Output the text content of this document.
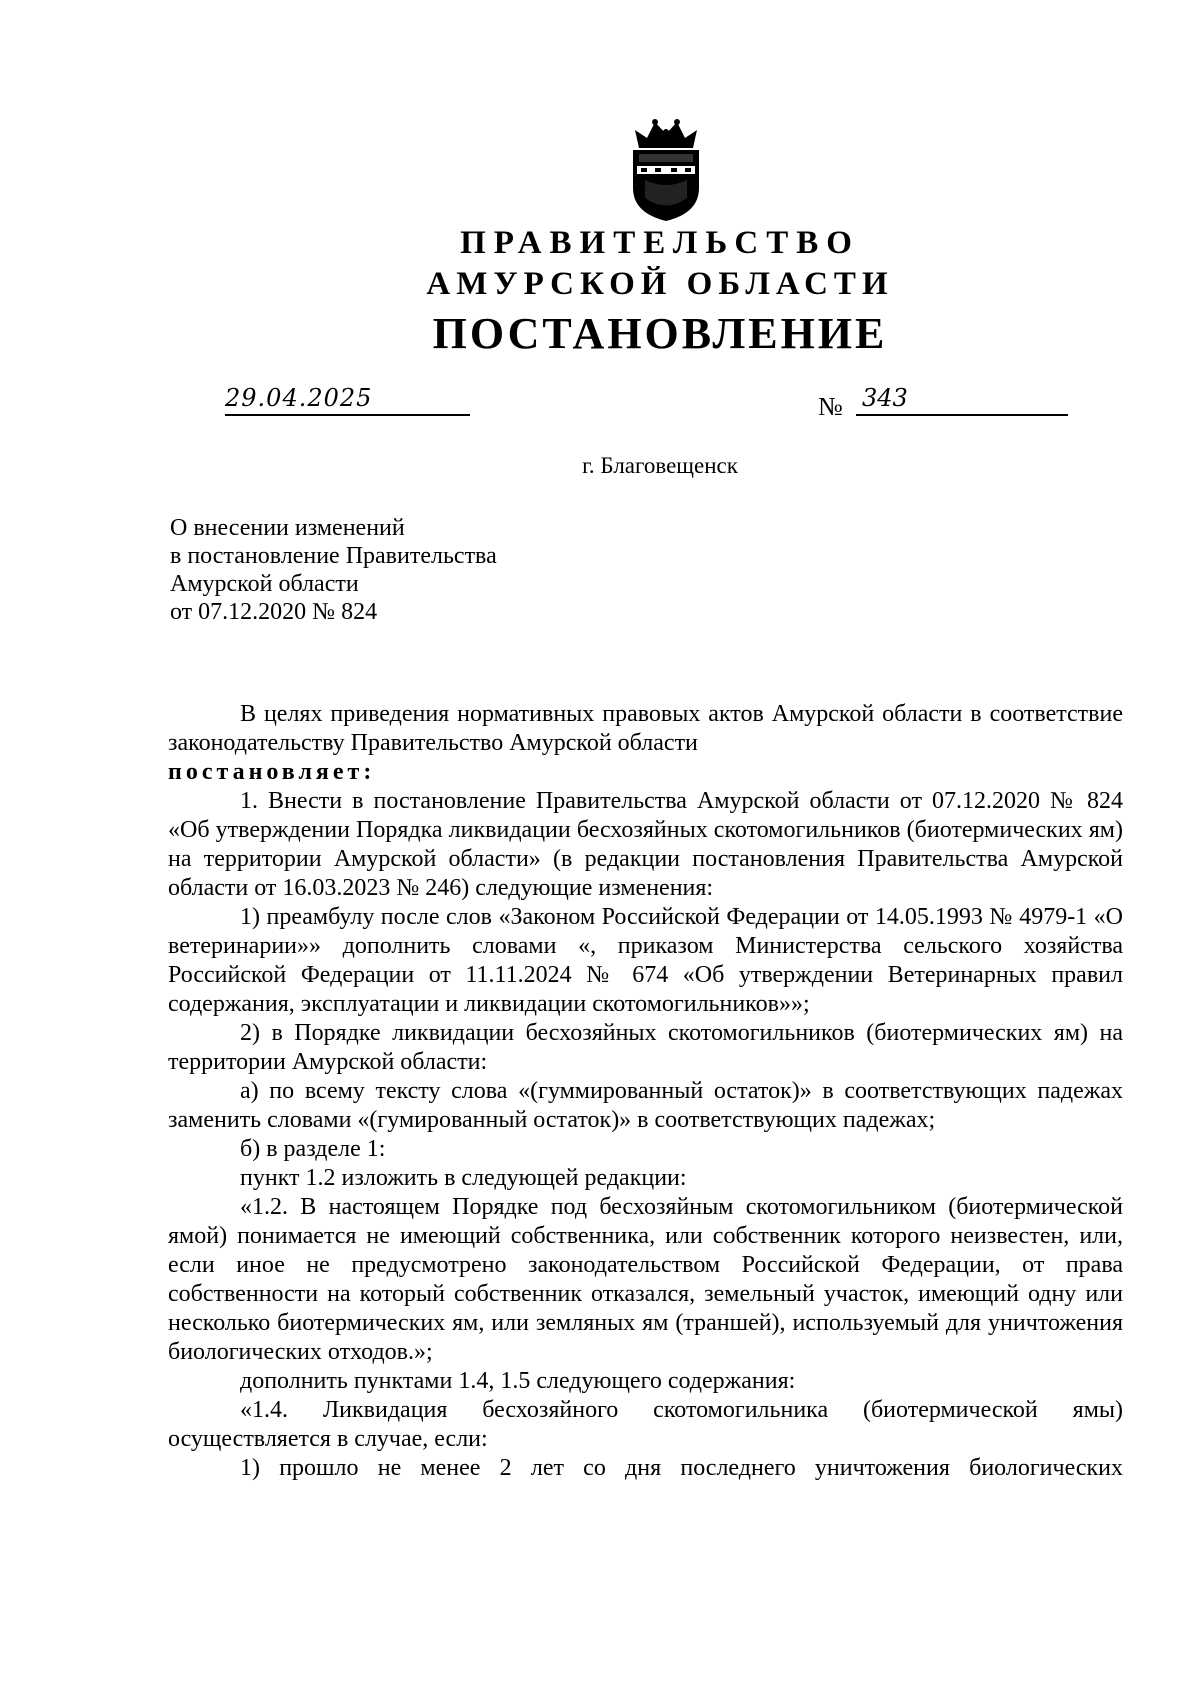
ПРАВИТЕЛЬСТВО
АМУРСКОЙ ОБЛАСТИ
ПОСТАНОВЛЕНИЕ
29.04.2025	№ 343
г. Благовещенск
О внесении изменений
в постановление Правительства
Амурской области
от 07.12.2020 № 824
В целях приведения нормативных правовых актов Амурской области в соответствие законодательству Правительство Амурской области
постановляет:
1. Внести в постановление Правительства Амурской области от 07.12.2020 № 824 «Об утверждении Порядка ликвидации бесхозяйных скотомогильников (биотермических ям) на территории Амурской области» (в редакции постановления Правительства Амурской области от 16.03.2023 № 246) следующие изменения:
1) преамбулу после слов «Законом Российской Федерации от 14.05.1993 № 4979-1 «О ветеринарии»» дополнить словами «, приказом Министерства сельского хозяйства Российской Федерации от 11.11.2024 № 674 «Об утверждении Ветеринарных правил содержания, эксплуатации и ликвидации скотомогильников»»;
2) в Порядке ликвидации бесхозяйных скотомогильников (биотермических ям) на территории Амурской области:
а) по всему тексту слова «(гуммированный остаток)» в соответствующих падежах заменить словами «(гумированный остаток)» в соответствующих падежах;
б) в разделе 1:
пункт 1.2 изложить в следующей редакции:
«1.2. В настоящем Порядке под бесхозяйным скотомогильником (биотермической ямой) понимается не имеющий собственника, или собственник которого неизвестен, или, если иное не предусмотрено законодательством Российской Федерации, от права собственности на который собственник отказался, земельный участок, имеющий одну или несколько биотермических ям, или земляных ям (траншей), используемый для уничтожения биологических отходов.»;
дополнить пунктами 1.4, 1.5 следующего содержания:
«1.4. Ликвидация бесхозяйного скотомогильника (биотермической ямы) осуществляется в случае, если:
1) прошло не менее 2 лет со дня последнего уничтожения биологических
